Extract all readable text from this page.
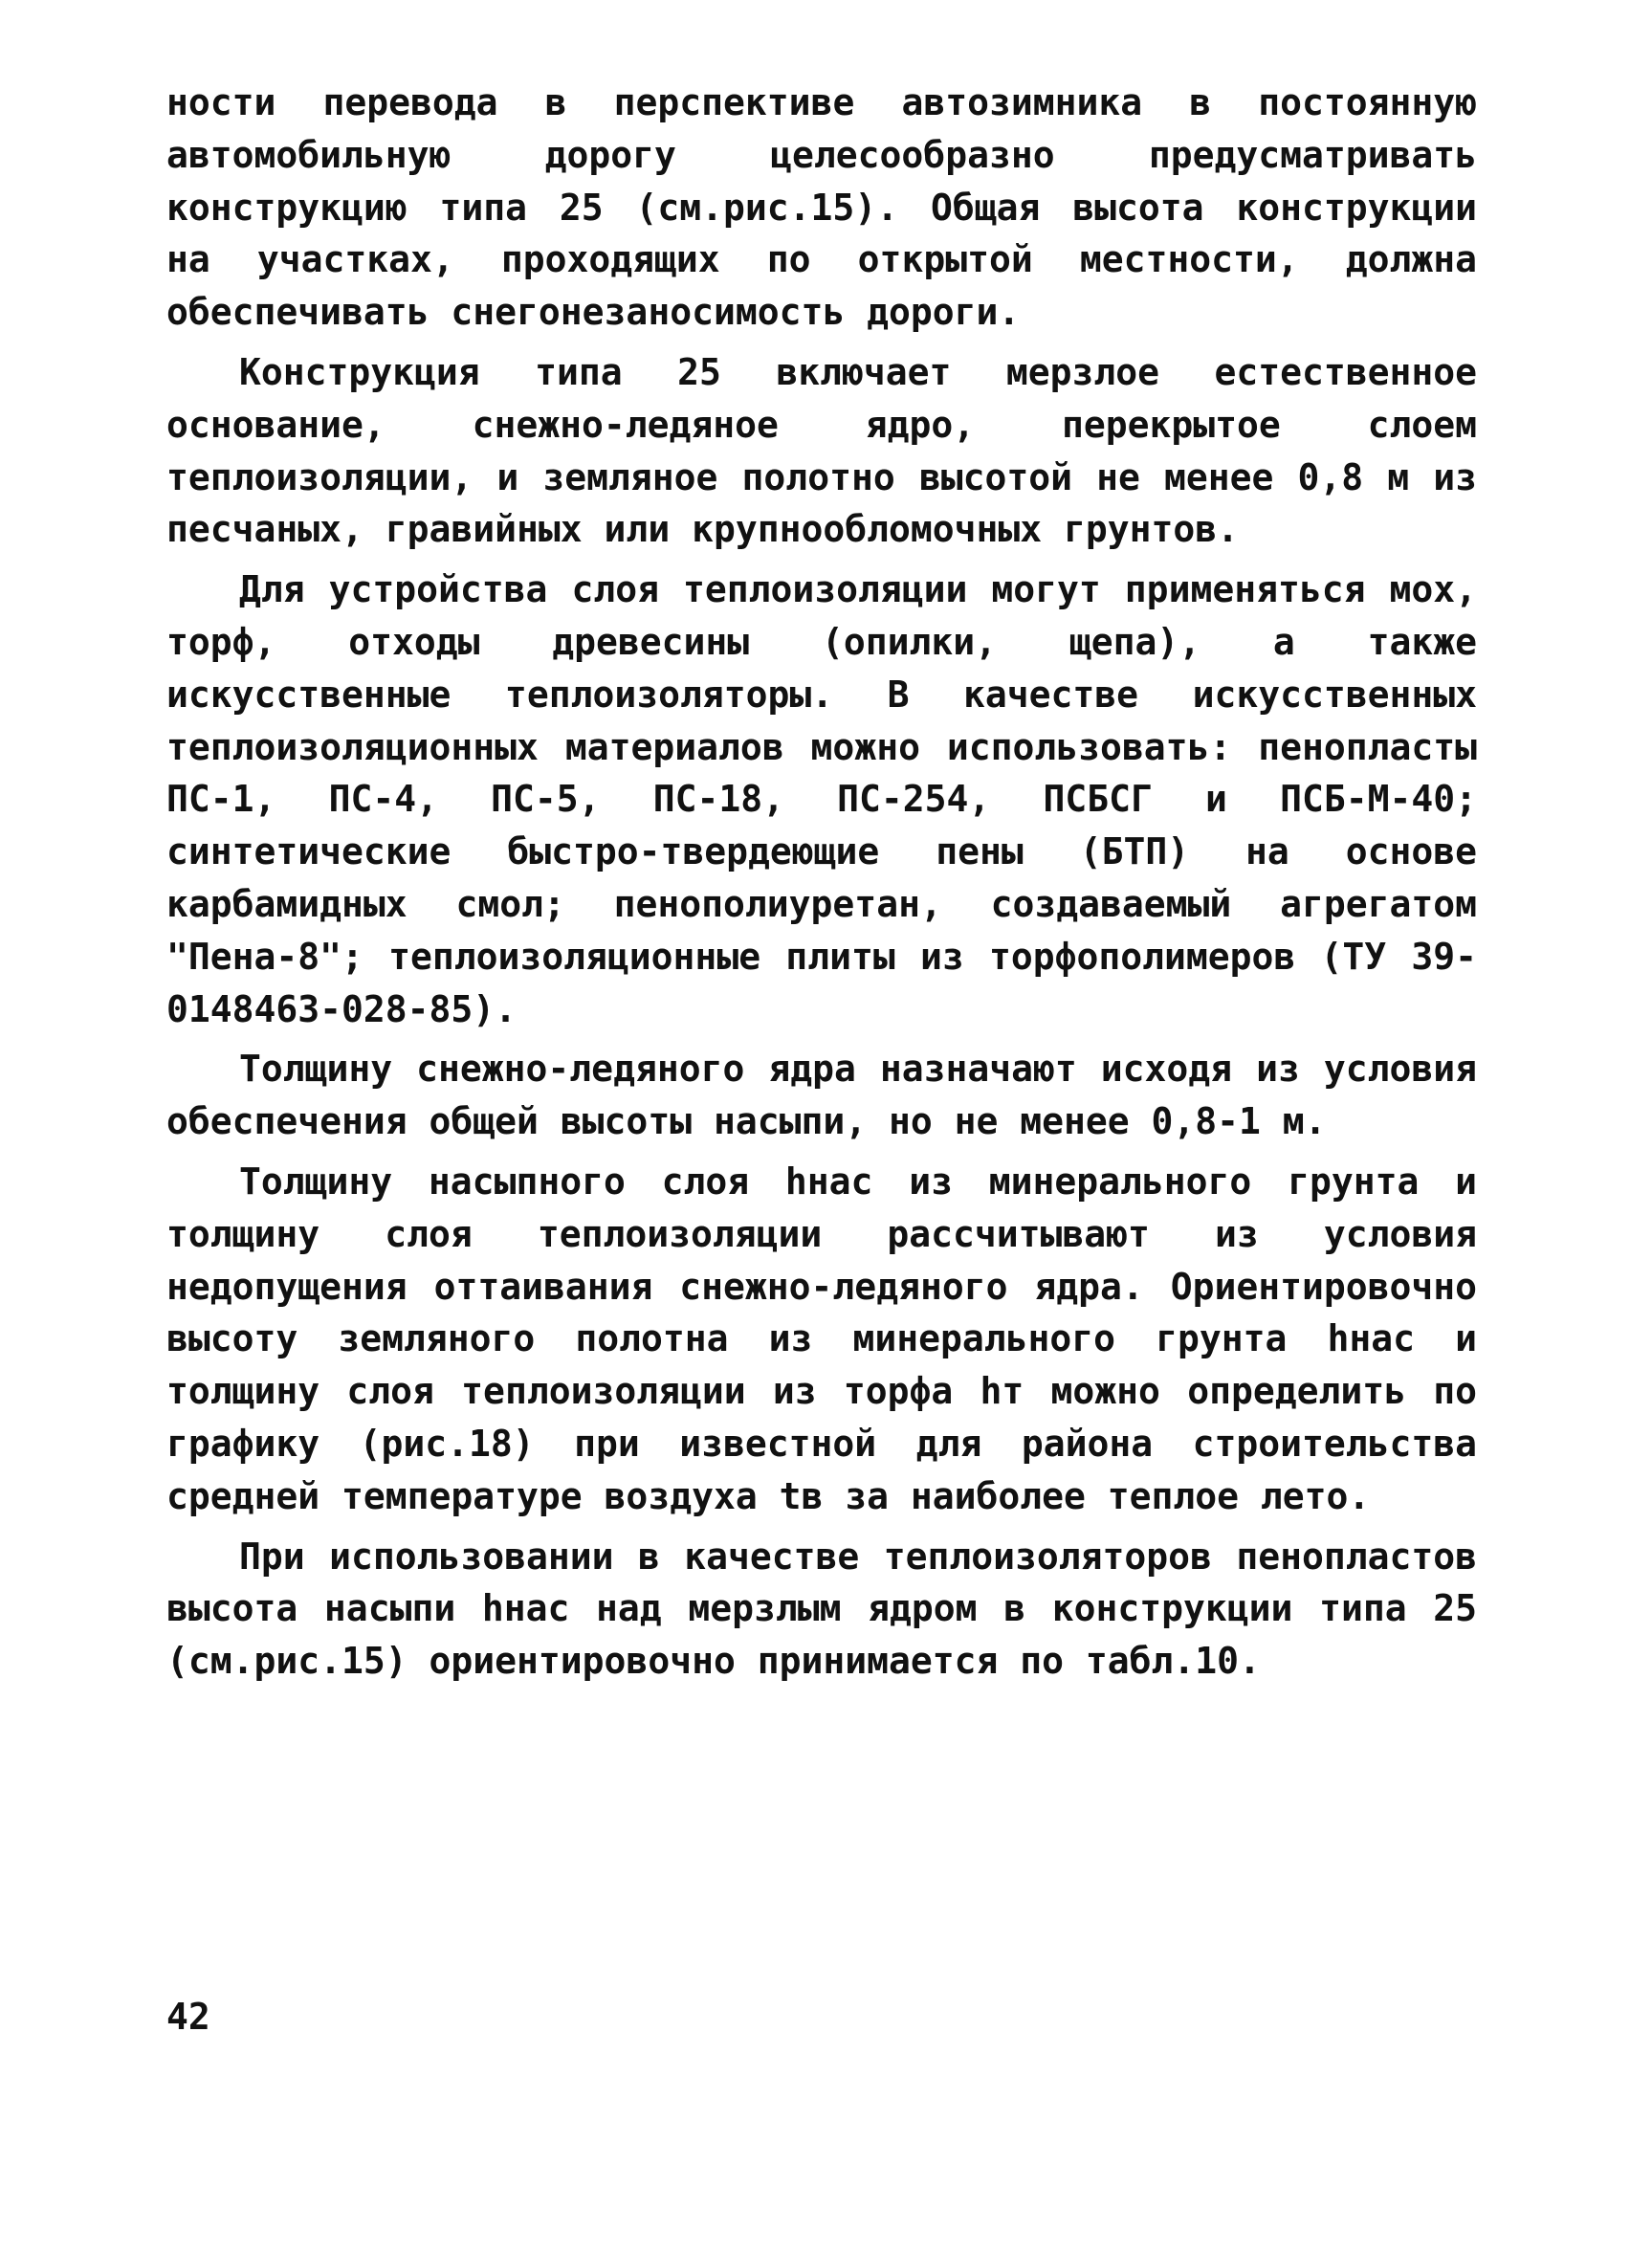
ности перевода в перспективе автозимника в постоянную автомобильную дорогу целесообразно предусматривать конструкцию типа 25 (см.рис.15). Общая высота конструкции на участках, проходящих по открытой местности, должна обеспечивать снегонезаносимость дороги.

Конструкция типа 25 включает мерзлое естественное основание, снежно-ледяное ядро, перекрытое слоем теплоизоляции, и земляное полотно высотой не менее 0,8 м из песчаных, гравийных или крупнообломочных грунтов.

Для устройства слоя теплоизоляции могут применяться мох, торф, отходы древесины (опилки, щепа), а также искусственные теплоизоляторы. В качестве искусственных теплоизоляционных материалов можно использовать: пенопласты ПС-1, ПС-4, ПС-5, ПС-18, ПС-254, ПСБСГ и ПСБ-М-40; синтетические быстро-твердеющие пены (БТП) на основе карбамидных смол; пенополиуретан, создаваемый агрегатом "Пена-8"; теплоизоляционные плиты из торфополимеров (ТУ 39-0148463-028-85).

Толщину снежно-ледяного ядра назначают исходя из условия обеспечения общей высоты насыпи, но не менее 0,8-1 м.

Толщину насыпного слоя hнас из минерального грунта и толщину слоя теплоизоляции рассчитывают из условия недопущения оттаивания снежно-ледяного ядра. Ориентировочно высоту земляного полотна из минерального грунта hнас и толщину слоя теплоизоляции из торфа hт можно определить по графику (рис.18) при известной для района строительства средней температуре воздуха tв за наиболее теплое лето.

При использовании в качестве теплоизоляторов пенопластов высота насыпи hнас над мерзлым ядром в конструкции типа 25 (см.рис.15) ориентировочно принимается по табл.10.

42
